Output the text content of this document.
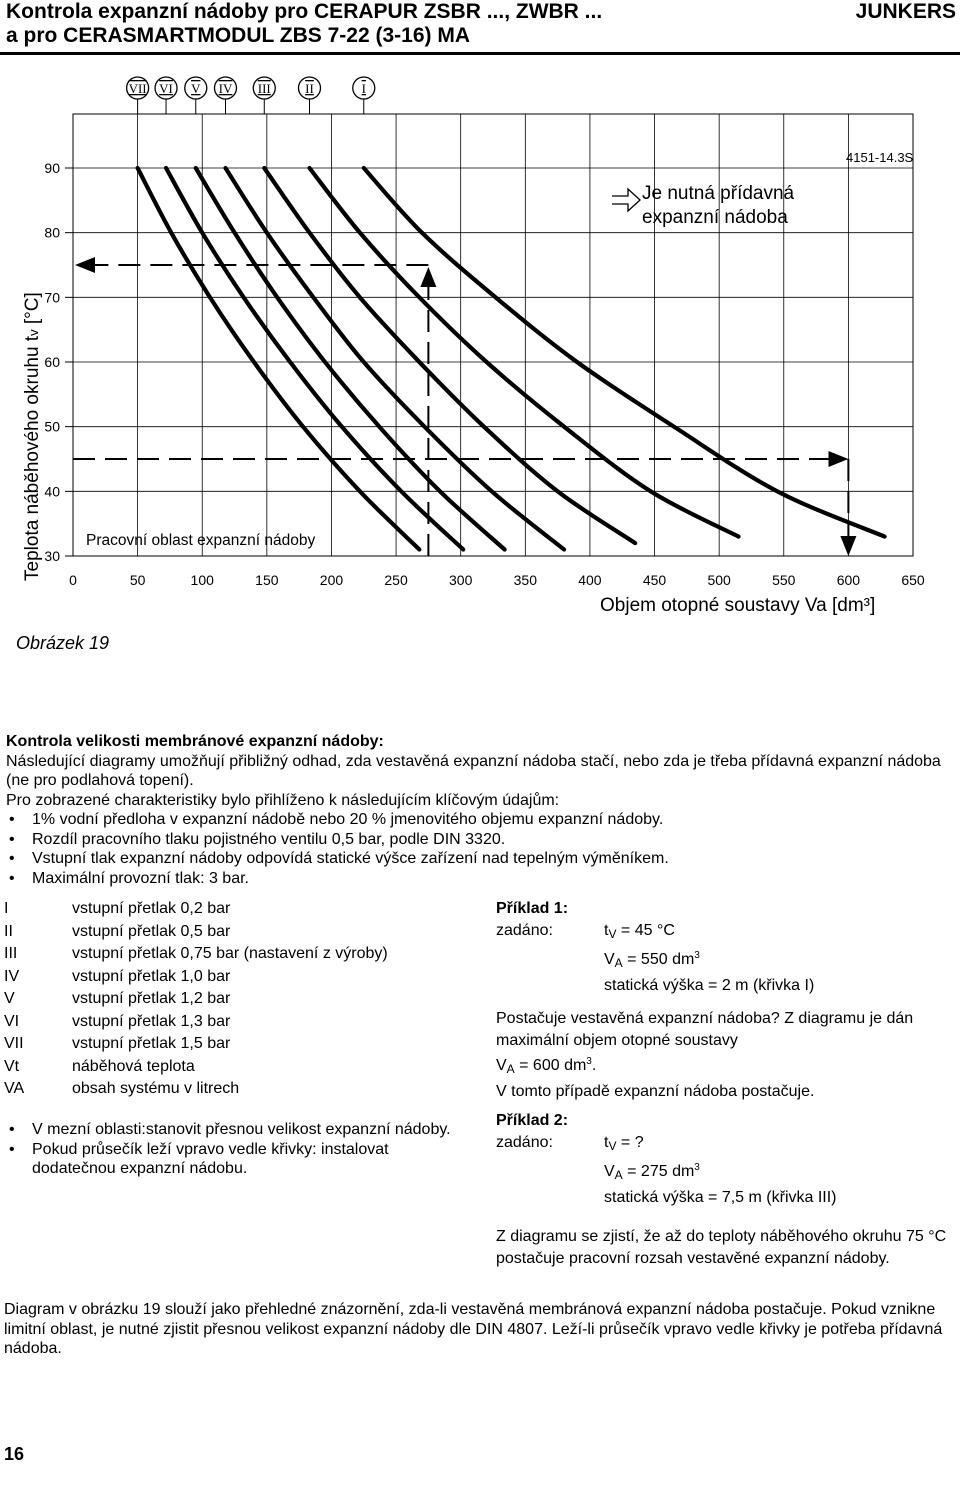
Kontrola expanzní nádoby pro CERAPUR ZSBR ..., ZWBR ...
a pro CERASMARTMODUL ZBS 7-22 (3-16) MA
JUNKERS
0	50	100	150	200	250	300	350	400	450	500	550	600	650
30
40
50
60
70
80
90
I
II
III
IV
V
VI
VII
4151-14.3S
Je nutná přídavná
expanzní nádoba
Pracovní oblast expanzní nádoby
Teplota náběhového okruhu tv [°C]
Objem otopné soustavy Va [dm³]
Obrázek 19
Kontrola velikosti membránové expanzní nádoby:
Následující diagramy umožňují přibližný odhad, zda vestavěná expanzní nádoba stačí, nebo zda je třeba přídavná expanzní nádoba (ne pro podlahová topení).
Pro zobrazené charakteristiky bylo přihlíženo k následujícím klíčovým údajům:
• 1% vodní předloha v expanzní nádobě nebo 20 % jmenovitého objemu expanzní nádoby.
• Rozdíl pracovního tlaku pojistného ventilu 0,5 bar, podle DIN 3320.
• Vstupní tlak expanzní nádoby odpovídá statické výšce zařízení nad tepelným výměníkem.
• Maximální provozní tlak: 3 bar.
I	vstupní přetlak 0,2 bar
II	vstupní přetlak 0,5 bar
III	vstupní přetlak 0,75 bar (nastavení z výroby)
IV	vstupní přetlak 1,0 bar
V	vstupní přetlak 1,2 bar
VI	vstupní přetlak 1,3 bar
VII	vstupní přetlak 1,5 bar
Vt	náběhová teplota
VA	obsah systému v litrech
• V mezní oblasti:stanovit přesnou velikost expanzní nádoby.
• Pokud průsečík leží vpravo vedle křivky: instalovat dodatečnou expanzní nádobu.
Příklad 1:
zadáno:	$t_V = 45$ °C
$V_A = 550$ $dm^3$
statická výška = 2 m (křivka I)
Postačuje vestavěná expanzní nádoba? Z diagramu je dán maximální objem otopné soustavy
$V_A = 600$ $dm^3$.
V tomto případě expanzní nádoba postačuje.
Příklad 2:
zadáno:	$t_V$ = ?
$V_A = 275$ $dm^3$
statická výška = 7,5 m (křivka III)
Z diagramu se zjistí, že až do teploty náběhového okruhu 75 °C postačuje pracovní rozsah vestavěné expanzní nádoby.
Diagram v obrázku 19 slouží jako přehledné znázornění, zda-li vestavěná membránová expanzní nádoba postačuje. Pokud vznikne limitní oblast, je nutné zjistit přesnou velikost expanzní nádoby dle DIN 4807. Leží-li průsečík vpravo vedle křivky je potřeba přídavná nádoba.
16
